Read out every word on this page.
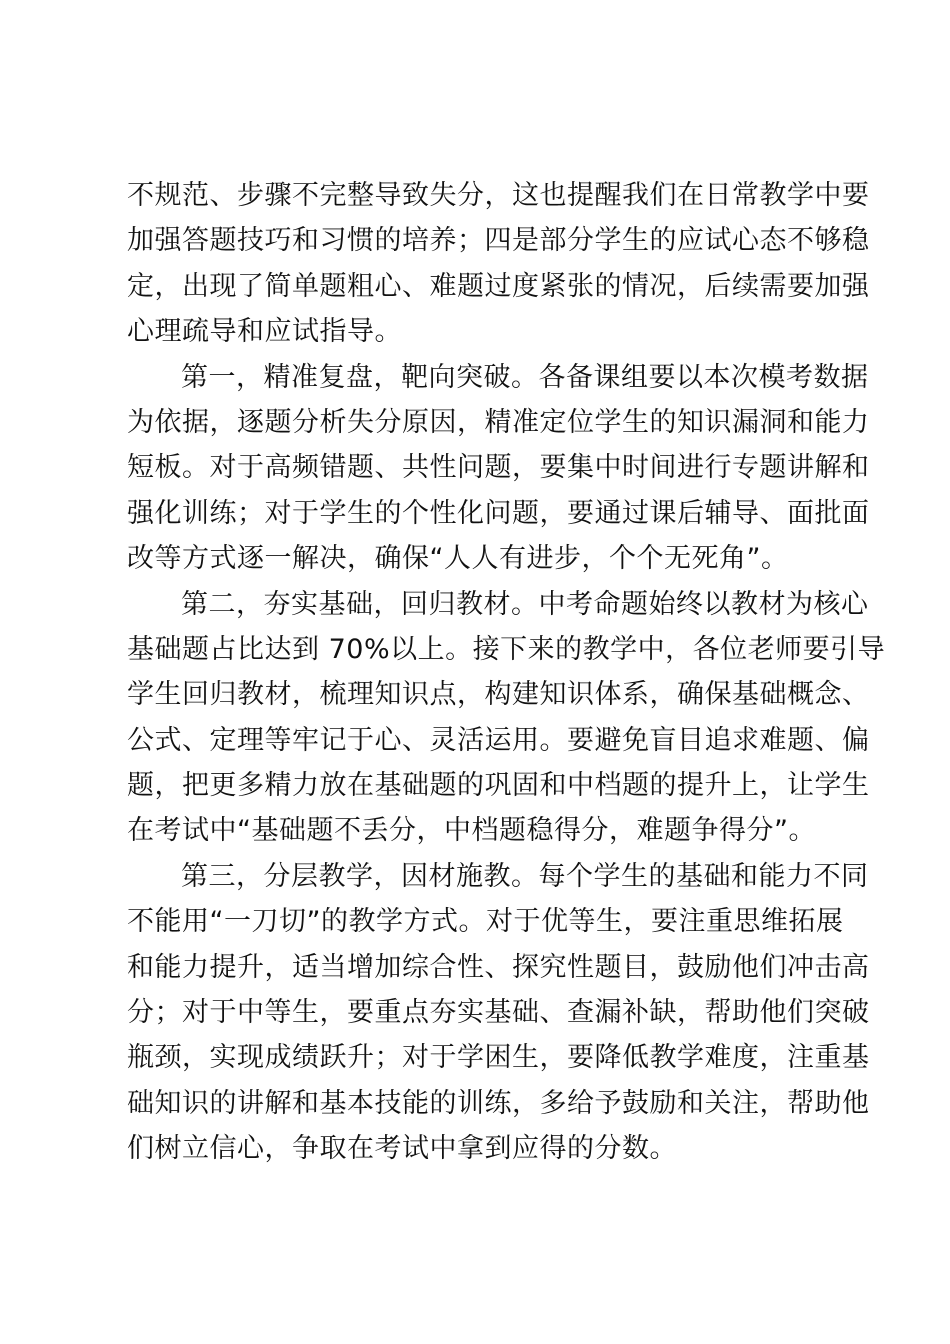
不规范、步骤不完整导致失分，这也提醒我们在日常教学中要
加强答题技巧和习惯的培养；四是部分学生的应试心态不够稳
定，出现了简单题粗心、难题过度紧张的情况，后续需要加强
心理疏导和应试指导。
第一，精准复盘，靶向突破。各备课组要以本次模考数据
为依据，逐题分析失分原因，精准定位学生的知识漏洞和能力
短板。对于高频错题、共性问题，要集中时间进行专题讲解和
强化训练；对于学生的个性化问题，要通过课后辅导、面批面
改等方式逐一解决，确保“人人有进步，个个无死角”。
第二，夯实基础，回归教材。中考命题始终以教材为核心
基础题占比达到 70%以上。接下来的教学中，各位老师要引导
学生回归教材，梳理知识点，构建知识体系，确保基础概念、
公式、定理等牢记于心、灵活运用。要避免盲目追求难题、偏
题，把更多精力放在基础题的巩固和中档题的提升上，让学生
在考试中“基础题不丢分，中档题稳得分，难题争得分”。
第三，分层教学，因材施教。每个学生的基础和能力不同
不能用“一刀切”的教学方式。对于优等生，要注重思维拓展
和能力提升，适当增加综合性、探究性题目，鼓励他们冲击高
分；对于中等生，要重点夯实基础、查漏补缺，帮助他们突破
瓶颈，实现成绩跃升；对于学困生，要降低教学难度，注重基
础知识的讲解和基本技能的训练，多给予鼓励和关注，帮助他
们树立信心，争取在考试中拿到应得的分数。
